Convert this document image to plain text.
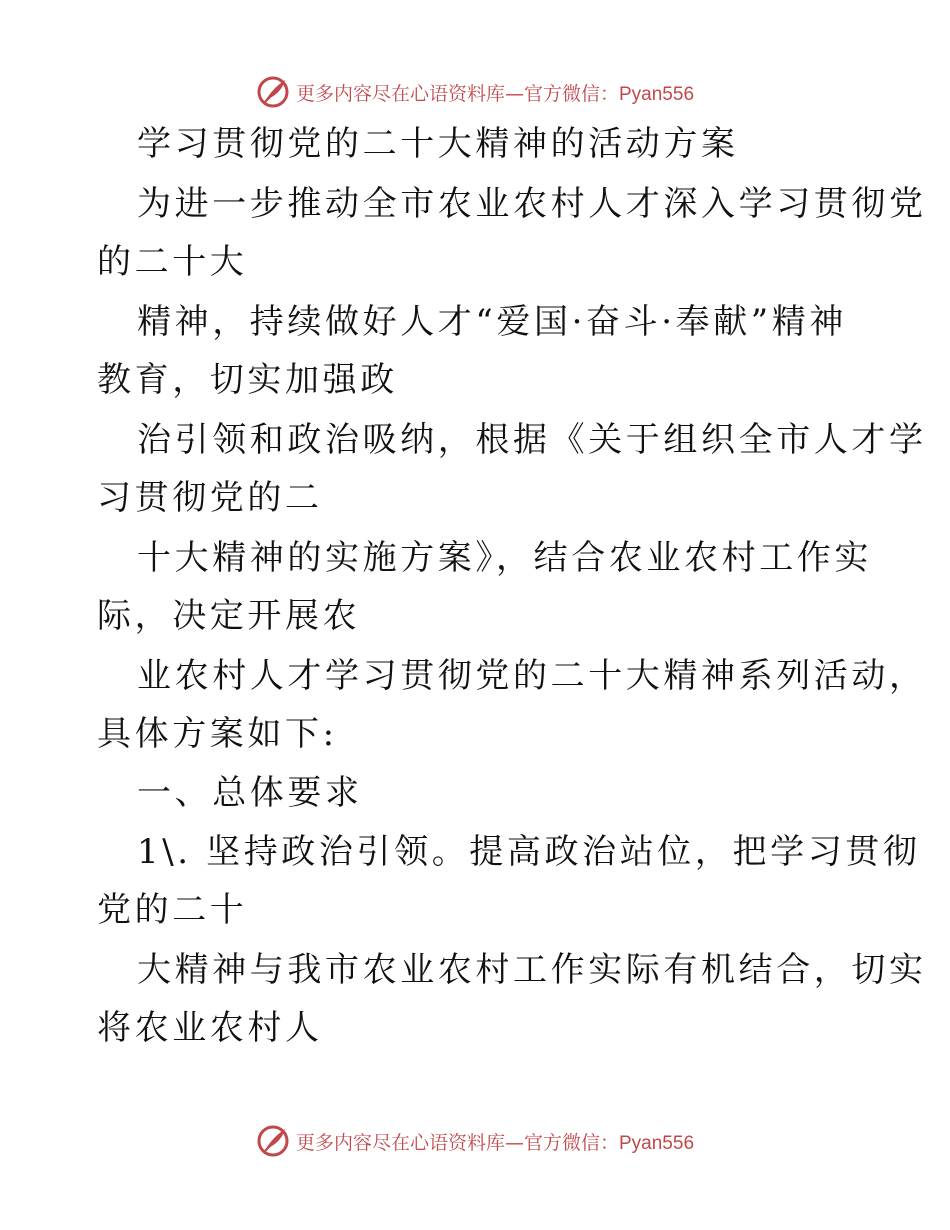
更多内容尽在心语资料库—官方微信：Pyan556
学习贯彻党的二十大精神的活动方案
为进一步推动全市农业农村人才深入学习贯彻党
的二十大
精神，持续做好人才“爱国·奋斗·奉献”精神
教育，切实加强政
治引领和政治吸纳，根据《关于组织全市人才学
习贯彻党的二
十大精神的实施方案》，结合农业农村工作实
际，决定开展农
业农村人才学习贯彻党的二十大精神系列活动，
具体方案如下:
一、总体要求
1\. 坚持政治引领。提高政治站位，把学习贯彻
党的二十
大精神与我市农业农村工作实际有机结合，切实
将农业农村人
更多内容尽在心语资料库—官方微信：Pyan556
